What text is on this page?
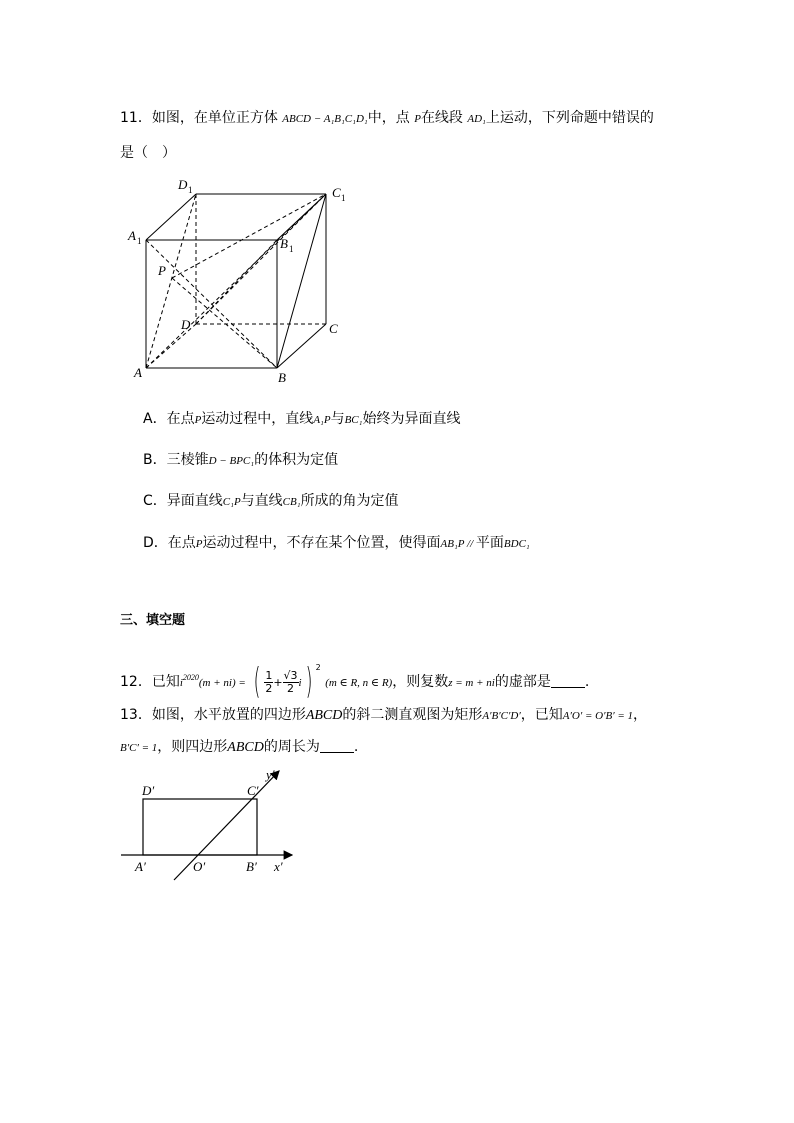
11．如图，在单位正方体 ABCD − A₁B₁C₁D₁中，点 P在线段 AD₁上运动，下列命题中错误的
是（　）
D 1	C 1
A 1	B 1
P
D	C
A	B
A．在点P运动过程中，直线A₁P与BC₁始终为异面直线
B．三棱锥D − BPC₁的体积为定值
C．异面直线C₁P与直线CB₁所成的角为定值
D．在点P运动过程中，不存在某个位置，使得面AB₁P // 平面BDC₁
三、填空题
12．已知$i^{2020}(m + ni)$ = ( $\frac{1}{2} + \frac{√3}{2} i$) $^2$ (m ∈ R, n ∈ R)，则复数z = m + ni的虚部是 .
13．如图，水平放置的四边形ABCD的斜二测直观图为矩形A′B′C′D′，已知A′O′ = O′B′ = 1，
B′C′ = 1，则四边形ABCD的周长为 .
D′	C′
A′	O′	B′ x′
y′
